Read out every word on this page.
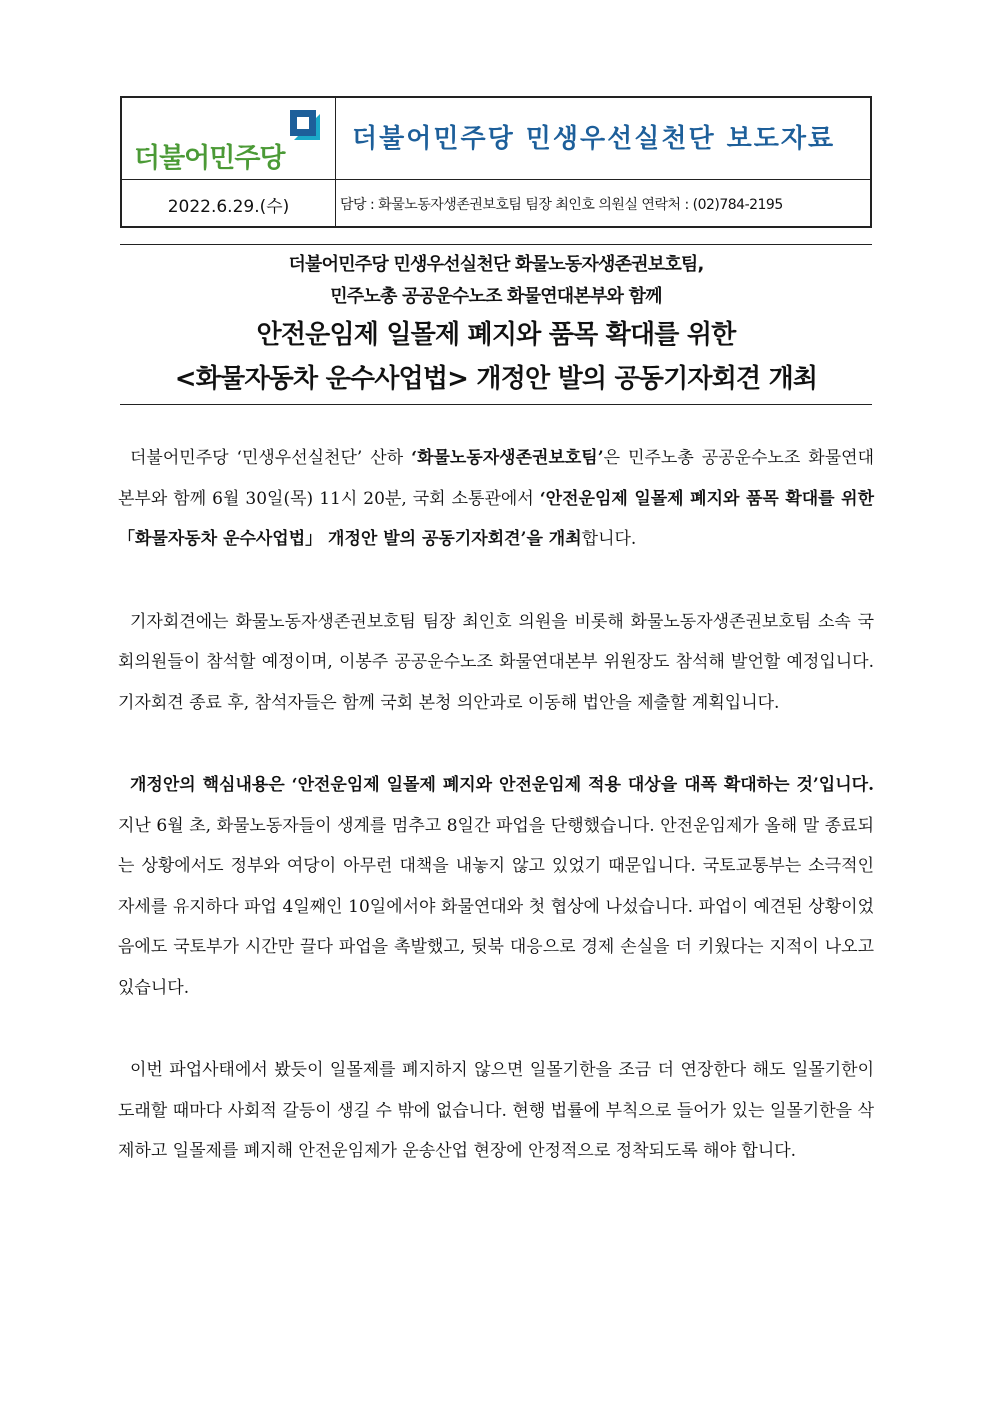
더불어민주당
더불어민주당 민생우선실천단 보도자료
2022.6.29.(수)	담당 : 화물노동자생존권보호팀 팀장 최인호 의원실 연락처 : (02)784-2195
더불어민주당 민생우선실천단 화물노동자생존권보호팀,
민주노총 공공운수노조 화물연대본부와 함께
안전운임제 일몰제 폐지와 품목 확대를 위한
<화물자동차 운수사업법> 개정안 발의 공동기자회견 개최

더불어민주당 ‘민생우선실천단’ 산하 ‘화물노동자생존권보호팀’은 민주노총 공공운수노조 화물연대본부와 함께 6월 30일(목) 11시 20분, 국회 소통관에서 ‘안전운임제 일몰제 폐지와 품목 확대를 위한 「화물자동차 운수사업법」 개정안 발의 공동기자회견’을 개최합니다.

기자회견에는 화물노동자생존권보호팀 팀장 최인호 의원을 비롯해 화물노동자생존권보호팀 소속 국회의원들이 참석할 예정이며, 이봉주 공공운수노조 화물연대본부 위원장도 참석해 발언할 예정입니다. 기자회견 종료 후, 참석자들은 함께 국회 본청 의안과로 이동해 법안을 제출할 계획입니다.

개정안의 핵심내용은 ‘안전운임제 일몰제 폐지와 안전운임제 적용 대상을 대폭 확대하는 것’입니다. 지난 6월 초, 화물노동자들이 생계를 멈추고 8일간 파업을 단행했습니다. 안전운임제가 올해 말 종료되는 상황에서도 정부와 여당이 아무런 대책을 내놓지 않고 있었기 때문입니다. 국토교통부는 소극적인 자세를 유지하다 파업 4일째인 10일에서야 화물연대와 첫 협상에 나섰습니다. 파업이 예견된 상황이었음에도 국토부가 시간만 끌다 파업을 촉발했고, 뒷북 대응으로 경제 손실을 더 키웠다는 지적이 나오고 있습니다.

이번 파업사태에서 봤듯이 일몰제를 폐지하지 않으면 일몰기한을 조금 더 연장한다 해도 일몰기한이 도래할 때마다 사회적 갈등이 생길 수 밖에 없습니다. 현행 법률에 부칙으로 들어가 있는 일몰기한을 삭제하고 일몰제를 폐지해 안전운임제가 운송산업 현장에 안정적으로 정착되도록 해야 합니다.
